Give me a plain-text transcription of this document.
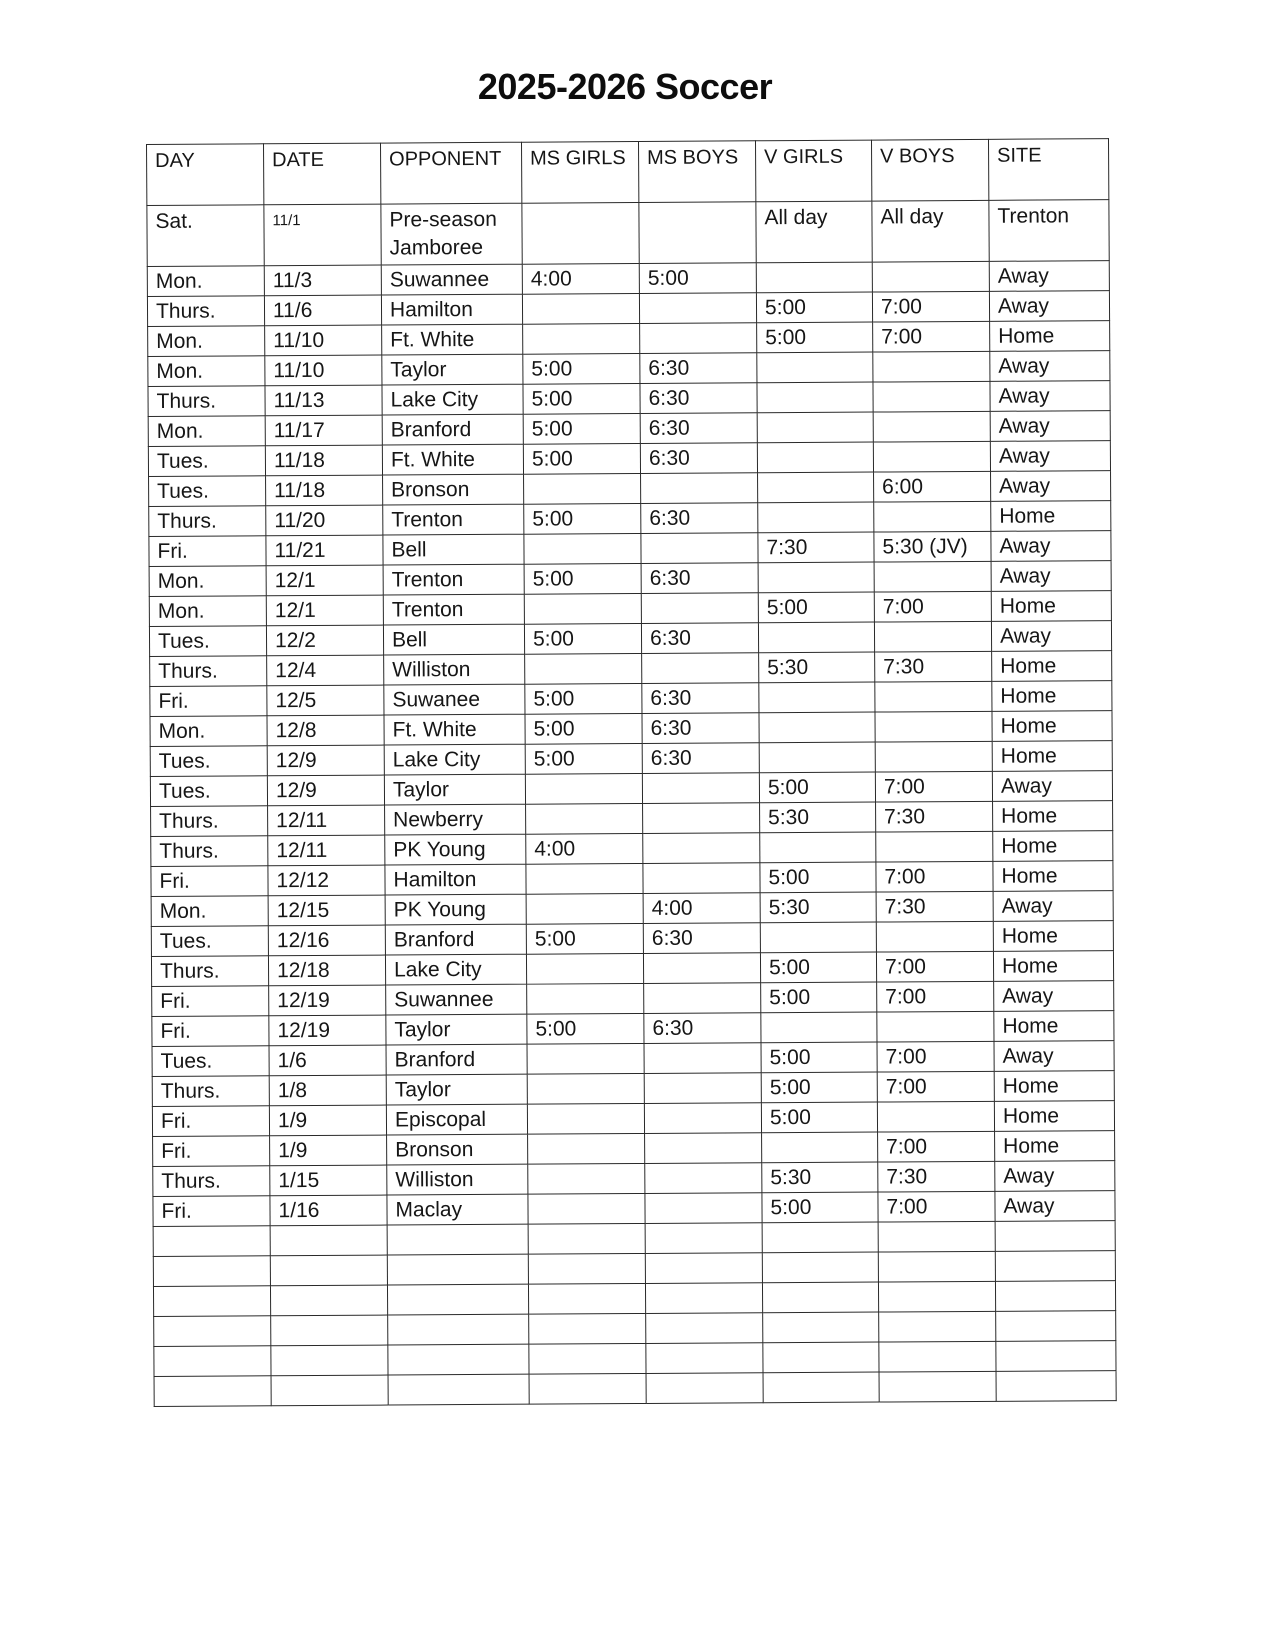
2025-2026 Soccer
DAY	DATE	OPPONENT	MS GIRLS	MS BOYS	V GIRLS	V BOYS	SITE
Sat.	11/1	Pre-season Jamboree			All day	All day	Trenton
Mon.	11/3	Suwannee	4:00	5:00			Away
Thurs.	11/6	Hamilton			5:00	7:00	Away
Mon.	11/10	Ft. White			5:00	7:00	Home
Mon.	11/10	Taylor	5:00	6:30			Away
Thurs.	11/13	Lake City	5:00	6:30			Away
Mon.	11/17	Branford	5:00	6:30			Away
Tues.	11/18	Ft. White	5:00	6:30			Away
Tues.	11/18	Bronson				6:00	Away
Thurs.	11/20	Trenton	5:00	6:30			Home
Fri.	11/21	Bell			7:30	5:30 (JV)	Away
Mon.	12/1	Trenton	5:00	6:30			Away
Mon.	12/1	Trenton			5:00	7:00	Home
Tues.	12/2	Bell	5:00	6:30			Away
Thurs.	12/4	Williston			5:30	7:30	Home
Fri.	12/5	Suwanee	5:00	6:30			Home
Mon.	12/8	Ft. White	5:00	6:30			Home
Tues.	12/9	Lake City	5:00	6:30			Home
Tues.	12/9	Taylor			5:00	7:00	Away
Thurs.	12/11	Newberry			5:30	7:30	Home
Thurs.	12/11	PK Young	4:00				Home
Fri.	12/12	Hamilton			5:00	7:00	Home
Mon.	12/15	PK Young		4:00	5:30	7:30	Away
Tues.	12/16	Branford	5:00	6:30			Home
Thurs.	12/18	Lake City			5:00	7:00	Home
Fri.	12/19	Suwannee			5:00	7:00	Away
Fri.	12/19	Taylor	5:00	6:30			Home
Tues.	1/6	Branford			5:00	7:00	Away
Thurs.	1/8	Taylor			5:00	7:00	Home
Fri.	1/9	Episcopal			5:00		Home
Fri.	1/9	Bronson				7:00	Home
Thurs.	1/15	Williston			5:30	7:30	Away
Fri.	1/16	Maclay			5:00	7:00	Away
